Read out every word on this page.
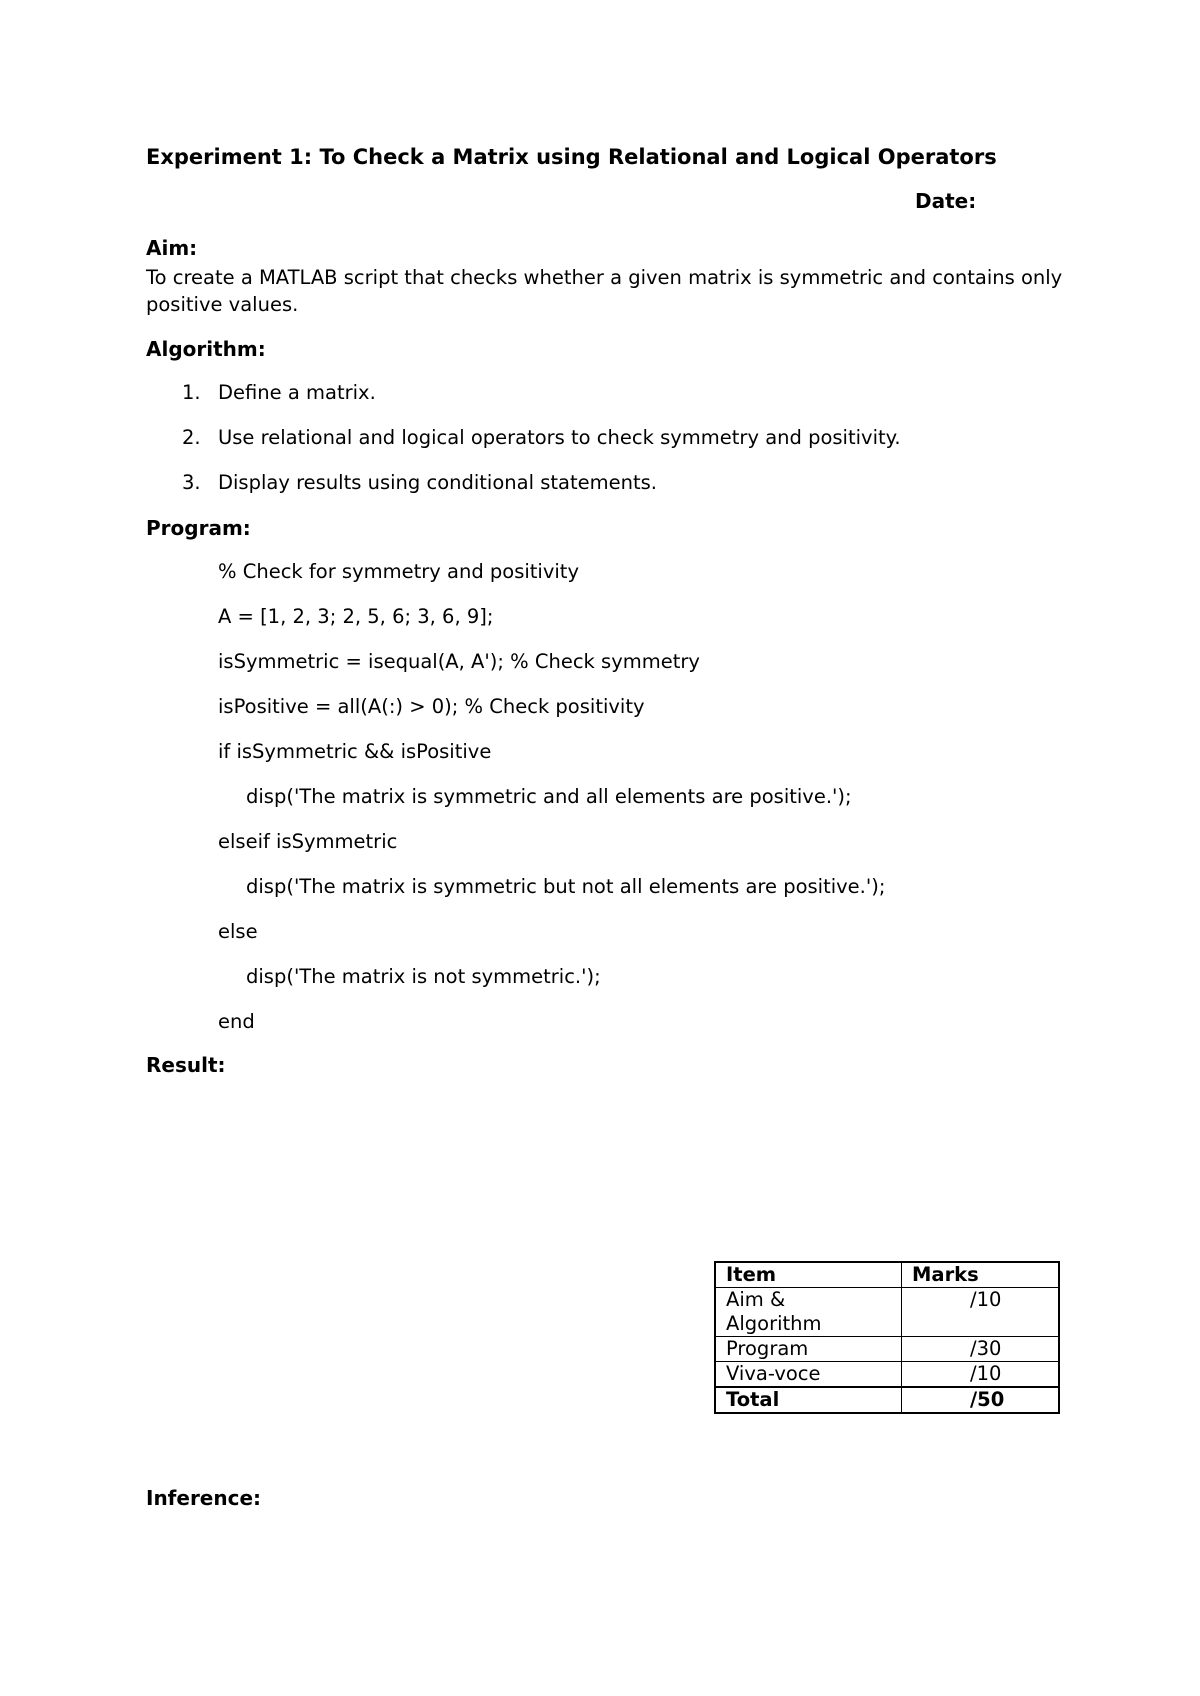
Experiment 1: To Check a Matrix using Relational and Logical Operators
Date:
Aim:
To create a MATLAB script that checks whether a given matrix is symmetric and contains only positive values.
Algorithm:
1. Define a matrix.
2. Use relational and logical operators to check symmetry and positivity.
3. Display results using conditional statements.
Program:
% Check for symmetry and positivity
A = [1, 2, 3; 2, 5, 6; 3, 6, 9];
isSymmetric = isequal(A, A'); % Check symmetry
isPositive = all(A(:) > 0); % Check positivity
if isSymmetric && isPositive
disp('The matrix is symmetric and all elements are positive.');
elseif isSymmetric
disp('The matrix is symmetric but not all elements are positive.');
else
disp('The matrix is not symmetric.');
end
Result:
Item	Marks

Aim &
Algorithm	/10
Program	/30
Viva-voce	/10
Total	/50
Inference:
